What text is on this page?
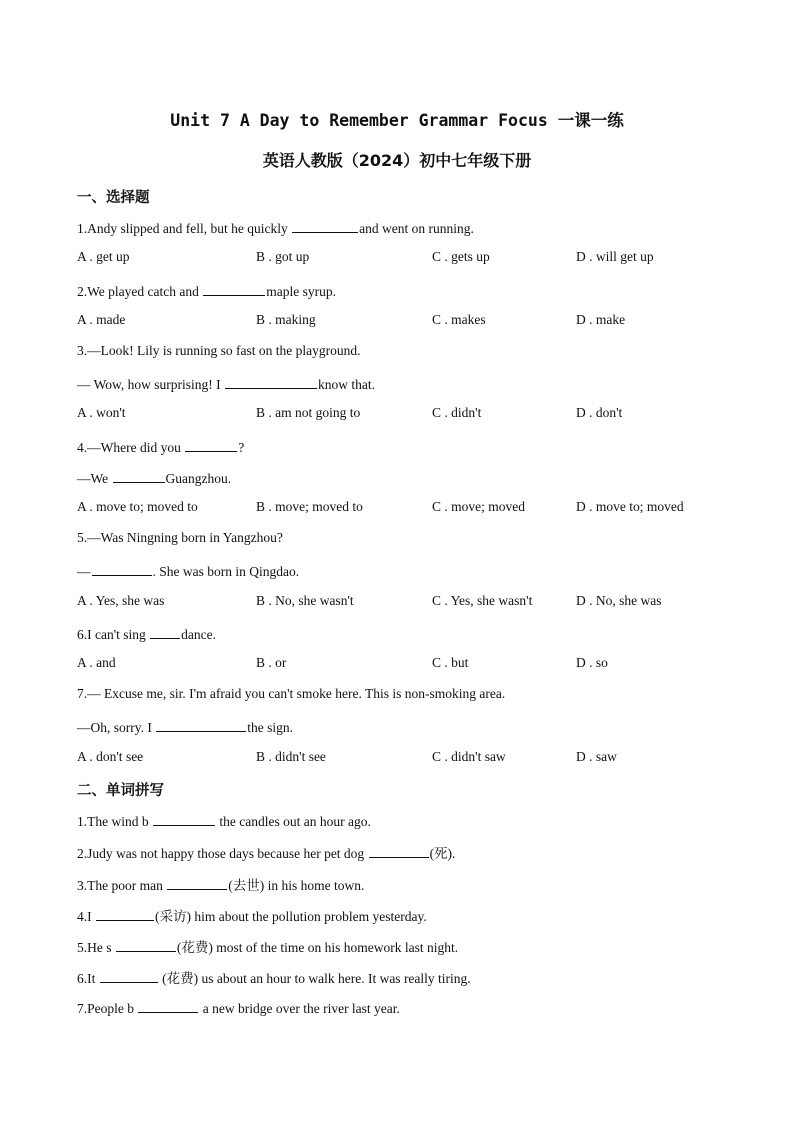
Unit 7 A Day to Remember Grammar Focus 一课一练
英语人教版（2024）初中七年级下册
一、选择题
1.Andy slipped and fell, but he quickly	and went on running.
A . get up	B . got up	C . gets up	D . will get up
2.We played catch and	maple syrup.
A . made	B . making	C . makes	D . make
3.—Look! Lily is running so fast on the playground.
— Wow, how surprising! I	know that.
A . won't	B . am not going to	C . didn't	D . don't
4.—Where did you	?
—We	Guangzhou.
A . move to; moved to	B . move; moved to	C . move; moved	D . move to; moved
5.—Was Ningning born in Yangzhou?
—	. She was born in Qingdao.
A . Yes, she was	B . No, she wasn't	C . Yes, she wasn't	D . No, she was
6.I can't sing dance.
A . and	B . or	C . but	D . so
7.— Excuse me, sir. I'm afraid you can't smoke here. This is non-smoking area.
—Oh, sorry. I	the sign.
A . don't see	B . didn't see	C . didn't saw	D . saw
二、单词拼写
1.The wind b	the candles out an hour ago.
2.Judy was not happy those days because her pet dog	(死).
3.The poor man	(去世) in his home town.
4.I	(采访) him about the pollution problem yesterday.
5.He s	(花费) most of the time on his homework last night.
6.It	(花费) us about an hour to walk here. It was really tiring.
7.People b	a new bridge over the river last year.
